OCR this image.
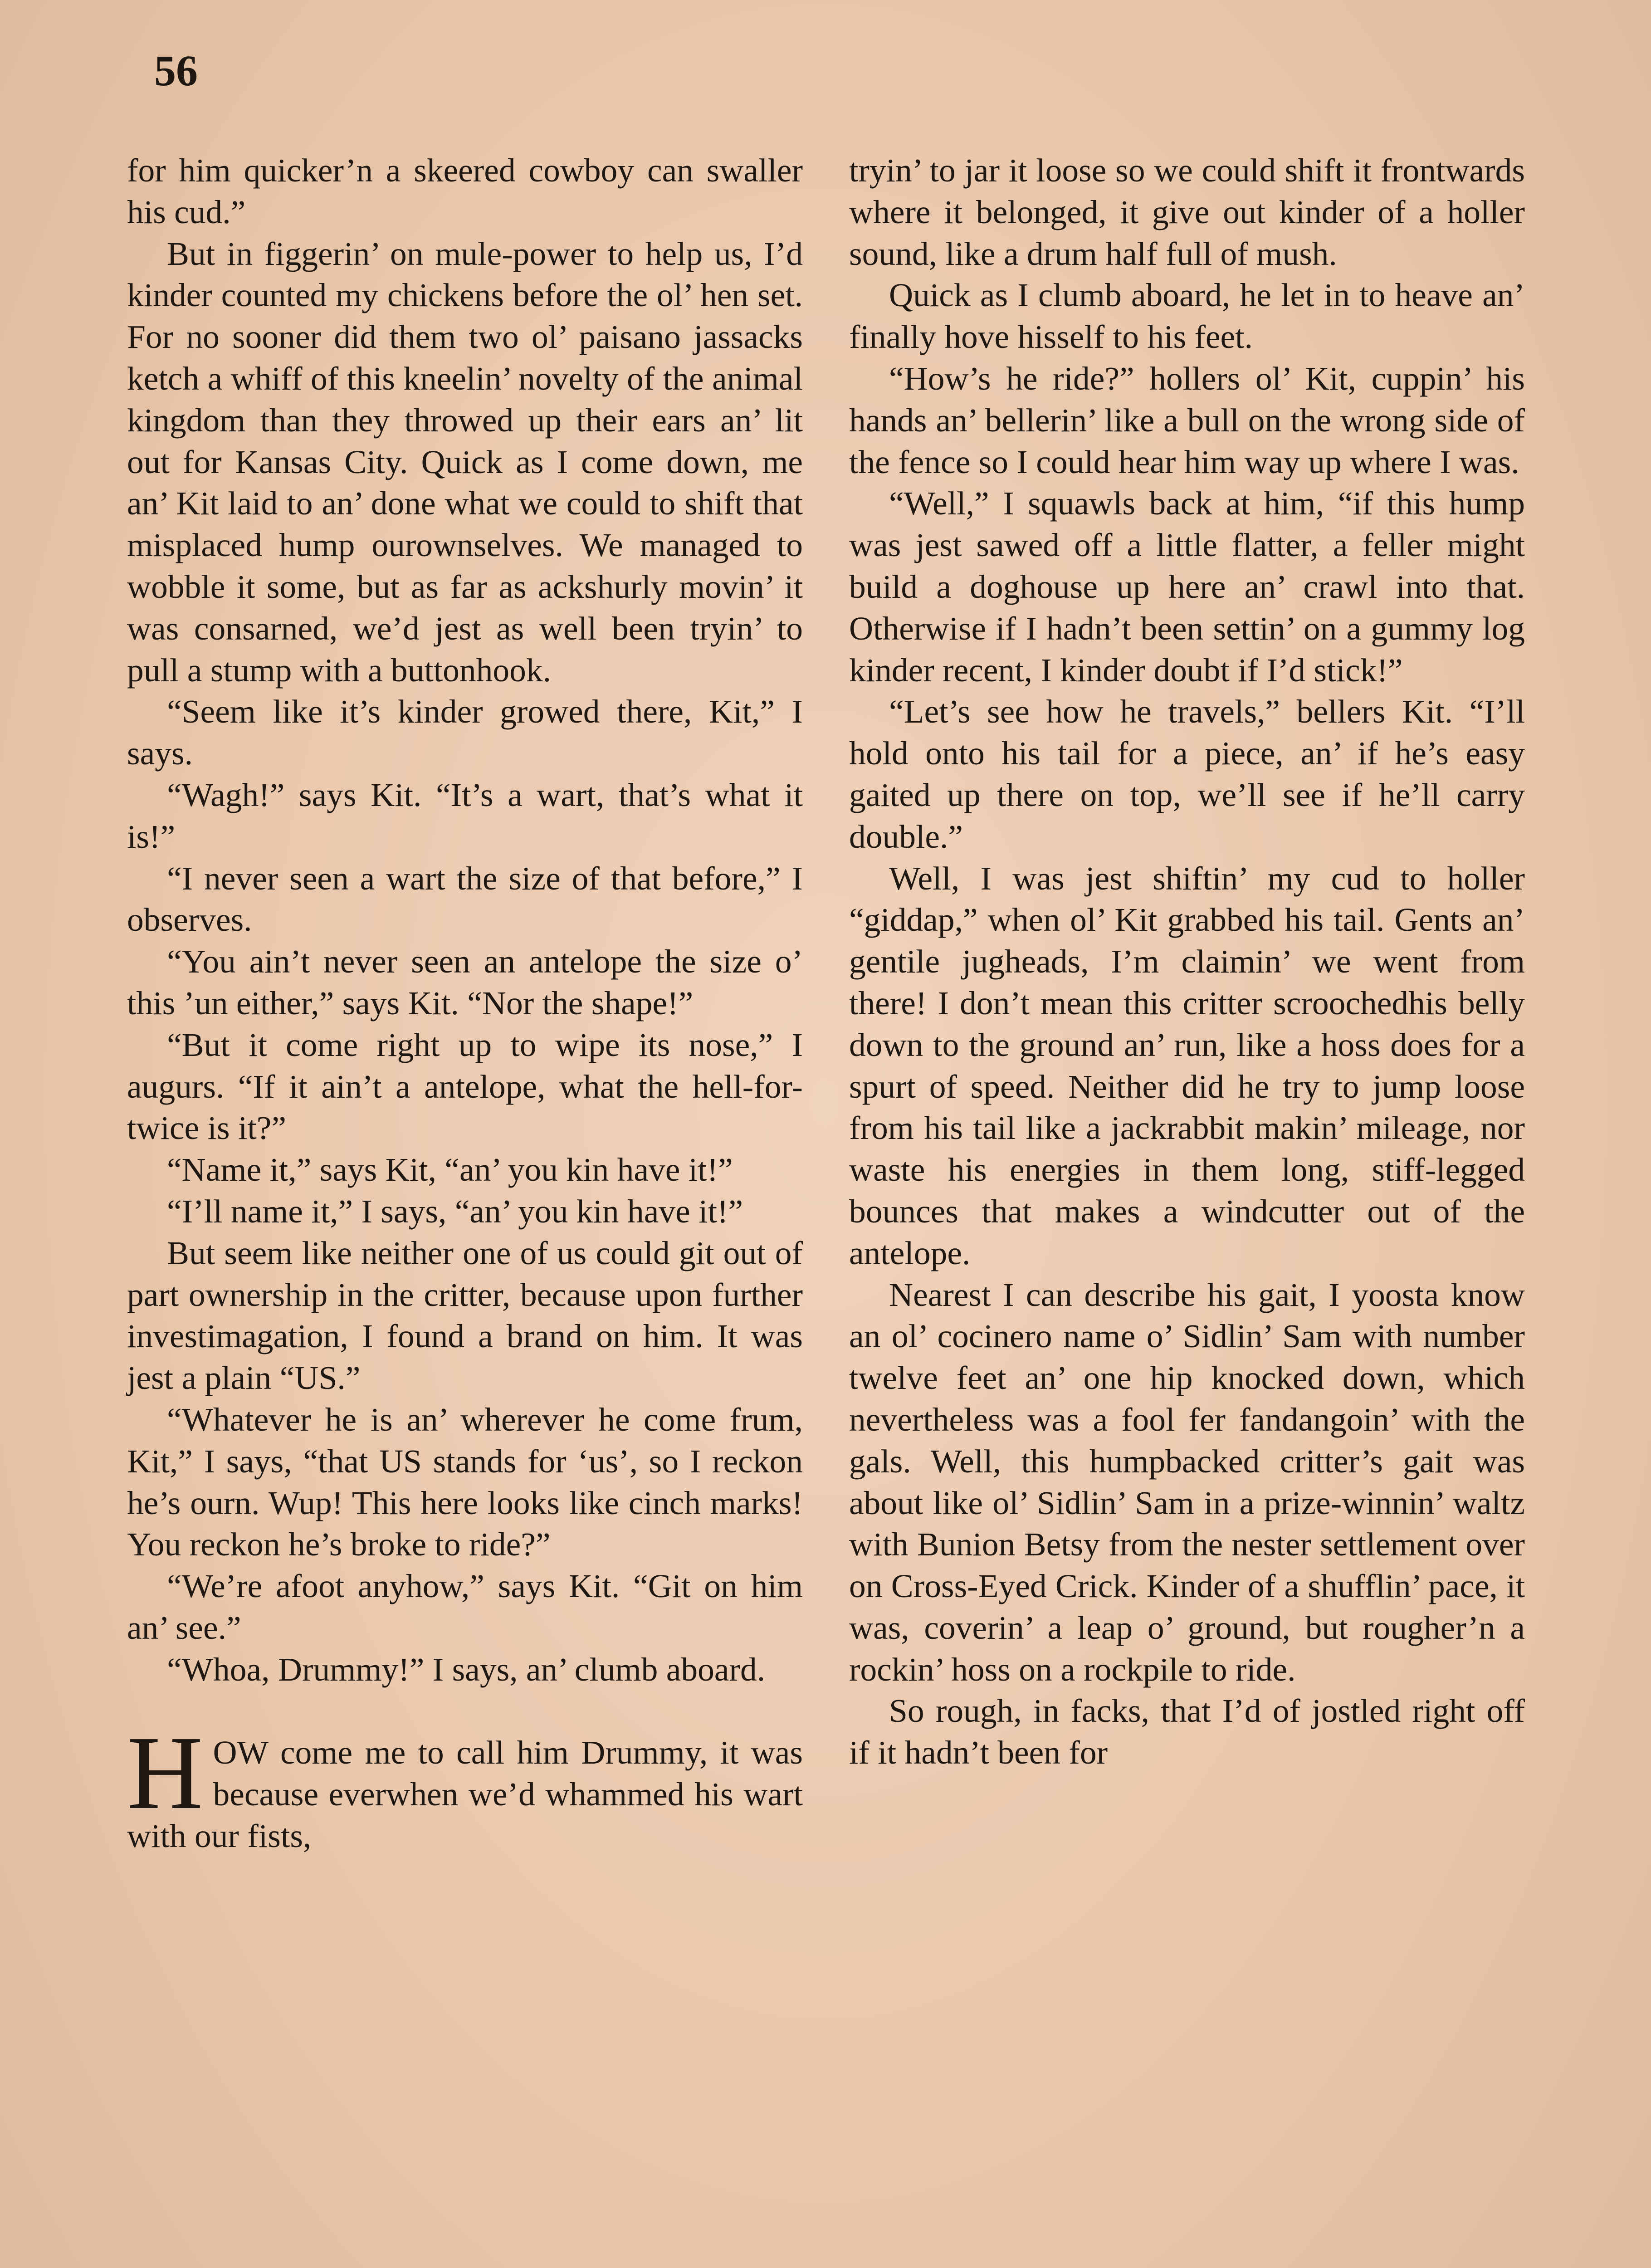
56

for him quicker’n a skeered cowboy can swaller his cud.”

But in figgerin’ on mule-power to help us, I’d kinder counted my chickens before the ol’ hen set. For no sooner did them two ol’ paisano jassacks ketch a whiff of this kneelin’ novelty of the animal kingdom than they throwed up their ears an’ lit out for Kansas City. Quick as I come down, me an’ Kit laid to an’ done what we could to shift that misplaced hump ourownselves. We managed to wobble it some, but as far as ackshurly movin’ it was consarned, we’d jest as well been tryin’ to pull a stump with a buttonhook.

“Seem like it’s kinder growed there, Kit,” I says.

“Wagh!” says Kit. “It’s a wart, that’s what it is!”

“I never seen a wart the size of that before,” I observes.

“You ain’t never seen an antelope the size o’ this ’un either,” says Kit. “Nor the shape!”

“But it come right up to wipe its nose,” I augurs. “If it ain’t a antelope, what the hell-for-twice is it?”

“Name it,” says Kit, “an’ you kin have it!”

“I’ll name it,” I says, “an’ you kin have it!”

But seem like neither one of us could git out of part ownership in the critter, because upon further investimagation, I found a brand on him. It was jest a plain “US.”

“Whatever he is an’ wherever he come frum, Kit,” I says, “that US stands for ‘us’, so I reckon he’s ourn. Wup! This here looks like cinch marks! You reckon he’s broke to ride?”

“We’re afoot anyhow,” says Kit. “Git on him an’ see.”

“Whoa, Drummy!” I says, an’ clumb aboard.

HOW come me to call him Drummy, it was because everwhen we’d whammed his wart with our fists,

tryin’ to jar it loose so we could shift it frontwards where it belonged, it give out kinder of a holler sound, like a drum half full of mush.

Quick as I clumb aboard, he let in to heave an’ finally hove hisself to his feet.

“How’s he ride?” hollers ol’ Kit, cuppin’ his hands an’ bellerin’ like a bull on the wrong side of the fence so I could hear him way up where I was.

“Well,” I squawls back at him, “if this hump was jest sawed off a little flatter, a feller might build a doghouse up here an’ crawl into that. Otherwise if I hadn’t been settin’ on a gummy log kinder recent, I kinder doubt if I’d stick!”

“Let’s see how he travels,” bellers Kit. “I’ll hold onto his tail for a piece, an’ if he’s easy gaited up there on top, we’ll see if he’ll carry double.”

Well, I was jest shiftin’ my cud to holler “giddap,” when ol’ Kit grabbed his tail. Gents an’ gentile jugheads, I’m claimin’ we went from there! I don’t mean this critter scroochedhis belly down to the ground an’ run, like a hoss does for a spurt of speed. Neither did he try to jump loose from his tail like a jackrabbit makin’ mileage, nor waste his energies in them long, stiff-legged bounces that makes a windcutter out of the antelope.

Nearest I can describe his gait, I yoosta know an ol’ cocinero name o’ Sidlin’ Sam with number twelve feet an’ one hip knocked down, which nevertheless was a fool fer fandangoin’ with the gals. Well, this humpbacked critter’s gait was about like ol’ Sidlin’ Sam in a prize-winnin’ waltz with Bunion Betsy from the nester settlement over on Cross-Eyed Crick. Kinder of a shufflin’ pace, it was, coverin’ a leap o’ ground, but rougher’n a rockin’ hoss on a rockpile to ride.

So rough, in facks, that I’d of jostled right off if it hadn’t been for
